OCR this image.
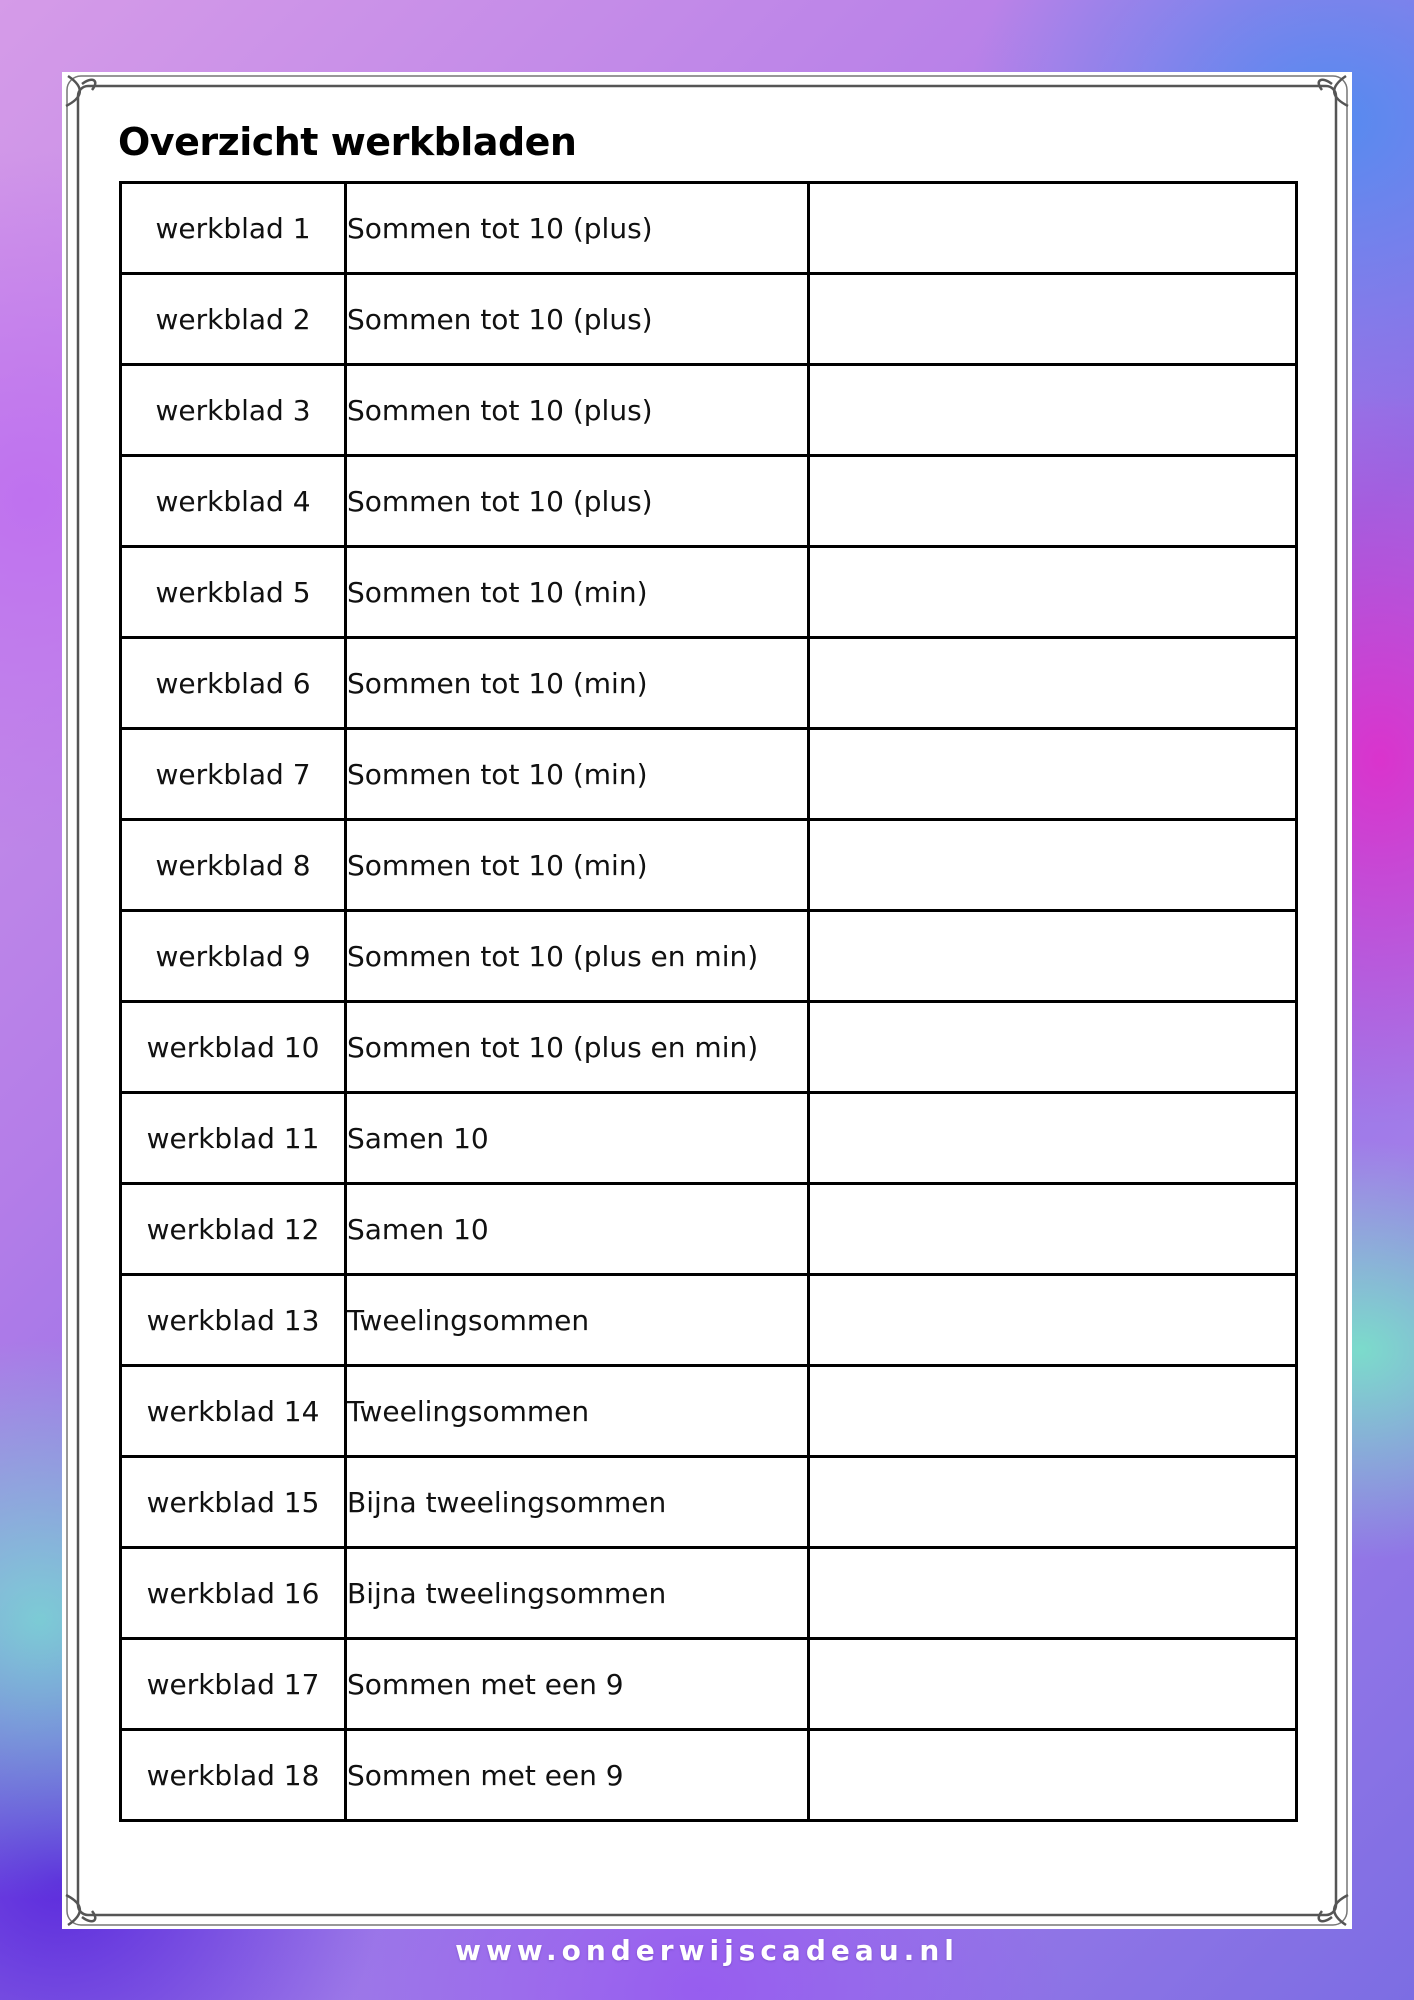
Overzicht werkbladen
werkblad 1	Sommen tot 10 (plus)	
werkblad 2	Sommen tot 10 (plus)	
werkblad 3	Sommen tot 10 (plus)	
werkblad 4	Sommen tot 10 (plus)	
werkblad 5	Sommen tot 10 (min)	
werkblad 6	Sommen tot 10 (min)	
werkblad 7	Sommen tot 10 (min)	
werkblad 8	Sommen tot 10 (min)	
werkblad 9	Sommen tot 10 (plus en min)	
werkblad 10	Sommen tot 10 (plus en min)	
werkblad 11	Samen 10	
werkblad 12	Samen 10	
werkblad 13	Tweelingsommen	
werkblad 14	Tweelingsommen	
werkblad 15	Bijna tweelingsommen	
werkblad 16	Bijna tweelingsommen	
werkblad 17	Sommen met een 9	
werkblad 18	Sommen met een 9	
www.onderwijscadeau.nl
